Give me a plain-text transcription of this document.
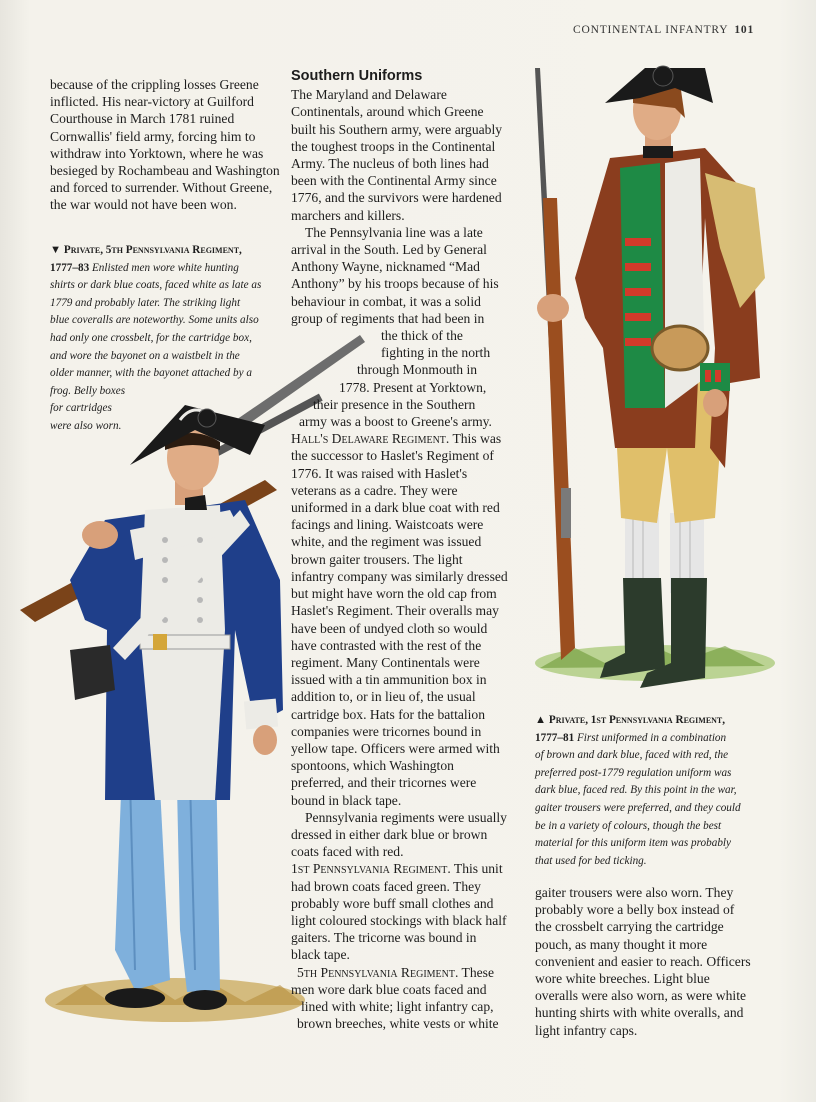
CONTINENTAL INFANTRY 101

because of the crippling losses Greene inflicted. His near-victory at Guilford Courthouse in March 1781 ruined Cornwallis' field army, forcing him to withdraw into Yorktown, where he was besieged by Rochambeau and Washington and forced to surrender. Without Greene, the war would not have been won.

▼ Private, 5th Pennsylvania Regiment,
1777–83 Enlisted men wore white hunting
shirts or dark blue coats, faced white as late as
1779 and probably later. The striking light
blue coveralls are noteworthy. Some units also
had only one crossbelt, for the cartridge box,
and wore the bayonet on a waistbelt in the
older manner, with the bayonet attached by a
frog. Belly boxes
for cartridges
were also worn.
Southern Uniforms

The Maryland and Delaware
Continentals, around which Greene
built his Southern army, were arguably
the toughest troops in the Continental
Army. The nucleus of both lines had
been with the Continental Army since
1776, and the survivors were hardened
marchers and killers.

The Pennsylvania line was a late
arrival in the South. Led by General
Anthony Wayne, nicknamed “Mad
Anthony” by his troops because of his
behaviour in combat, it was a solid
group of regiments that had been in
the thick of the
fighting in the north
through Monmouth in
1778. Present at Yorktown,
their presence in the Southern
army was a boost to Greene's army.

Hall's Delaware Regiment. This was
the successor to Haslet's Regiment of
1776. It was raised with Haslet's
veterans as a cadre. They were
uniformed in a dark blue coat with red
facings and lining. Waistcoats were
white, and the regiment was issued
brown gaiter trousers. The light
infantry company was similarly dressed
but might have worn the old cap from
Haslet's Regiment. Their overalls may
have been of undyed cloth so would
have contrasted with the rest of the
regiment. Many Continentals were
issued with a tin ammunition box in
addition to, or in lieu of, the usual
cartridge box. Hats for the battalion
companies were tricornes bound in
yellow tape. Officers were armed with
spontoons, which Washington
preferred, and their tricornes were
bound in black tape.

Pennsylvania regiments were usually
dressed in either dark blue or brown
coats faced with red.

1st Pennsylvania Regiment. This unit
had brown coats faced green. They
probably wore buff small clothes and
light coloured stockings with black half
gaiters. The tricorne was bound in
black tape.

5th Pennsylvania Regiment. These
men wore dark blue coats faced and
lined with white; light infantry cap,
brown breeches, white vests or white

▲ Private, 1st Pennsylvania Regiment,
1777–81 First uniformed in a combination
of brown and dark blue, faced with red, the
preferred post-1779 regulation uniform was
dark blue, faced red. By this point in the war,
gaiter trousers were preferred, and they could
be in a variety of colours, though the best
material for this uniform item was probably
that used for bed ticking.

gaiter trousers were also worn. They
probably wore a belly box instead of
the crossbelt carrying the cartridge
pouch, as many thought it more
convenient and easier to reach. Officers
wore white breeches. Light blue
overalls were also worn, as were white
hunting shirts with white overalls, and
light infantry caps.
